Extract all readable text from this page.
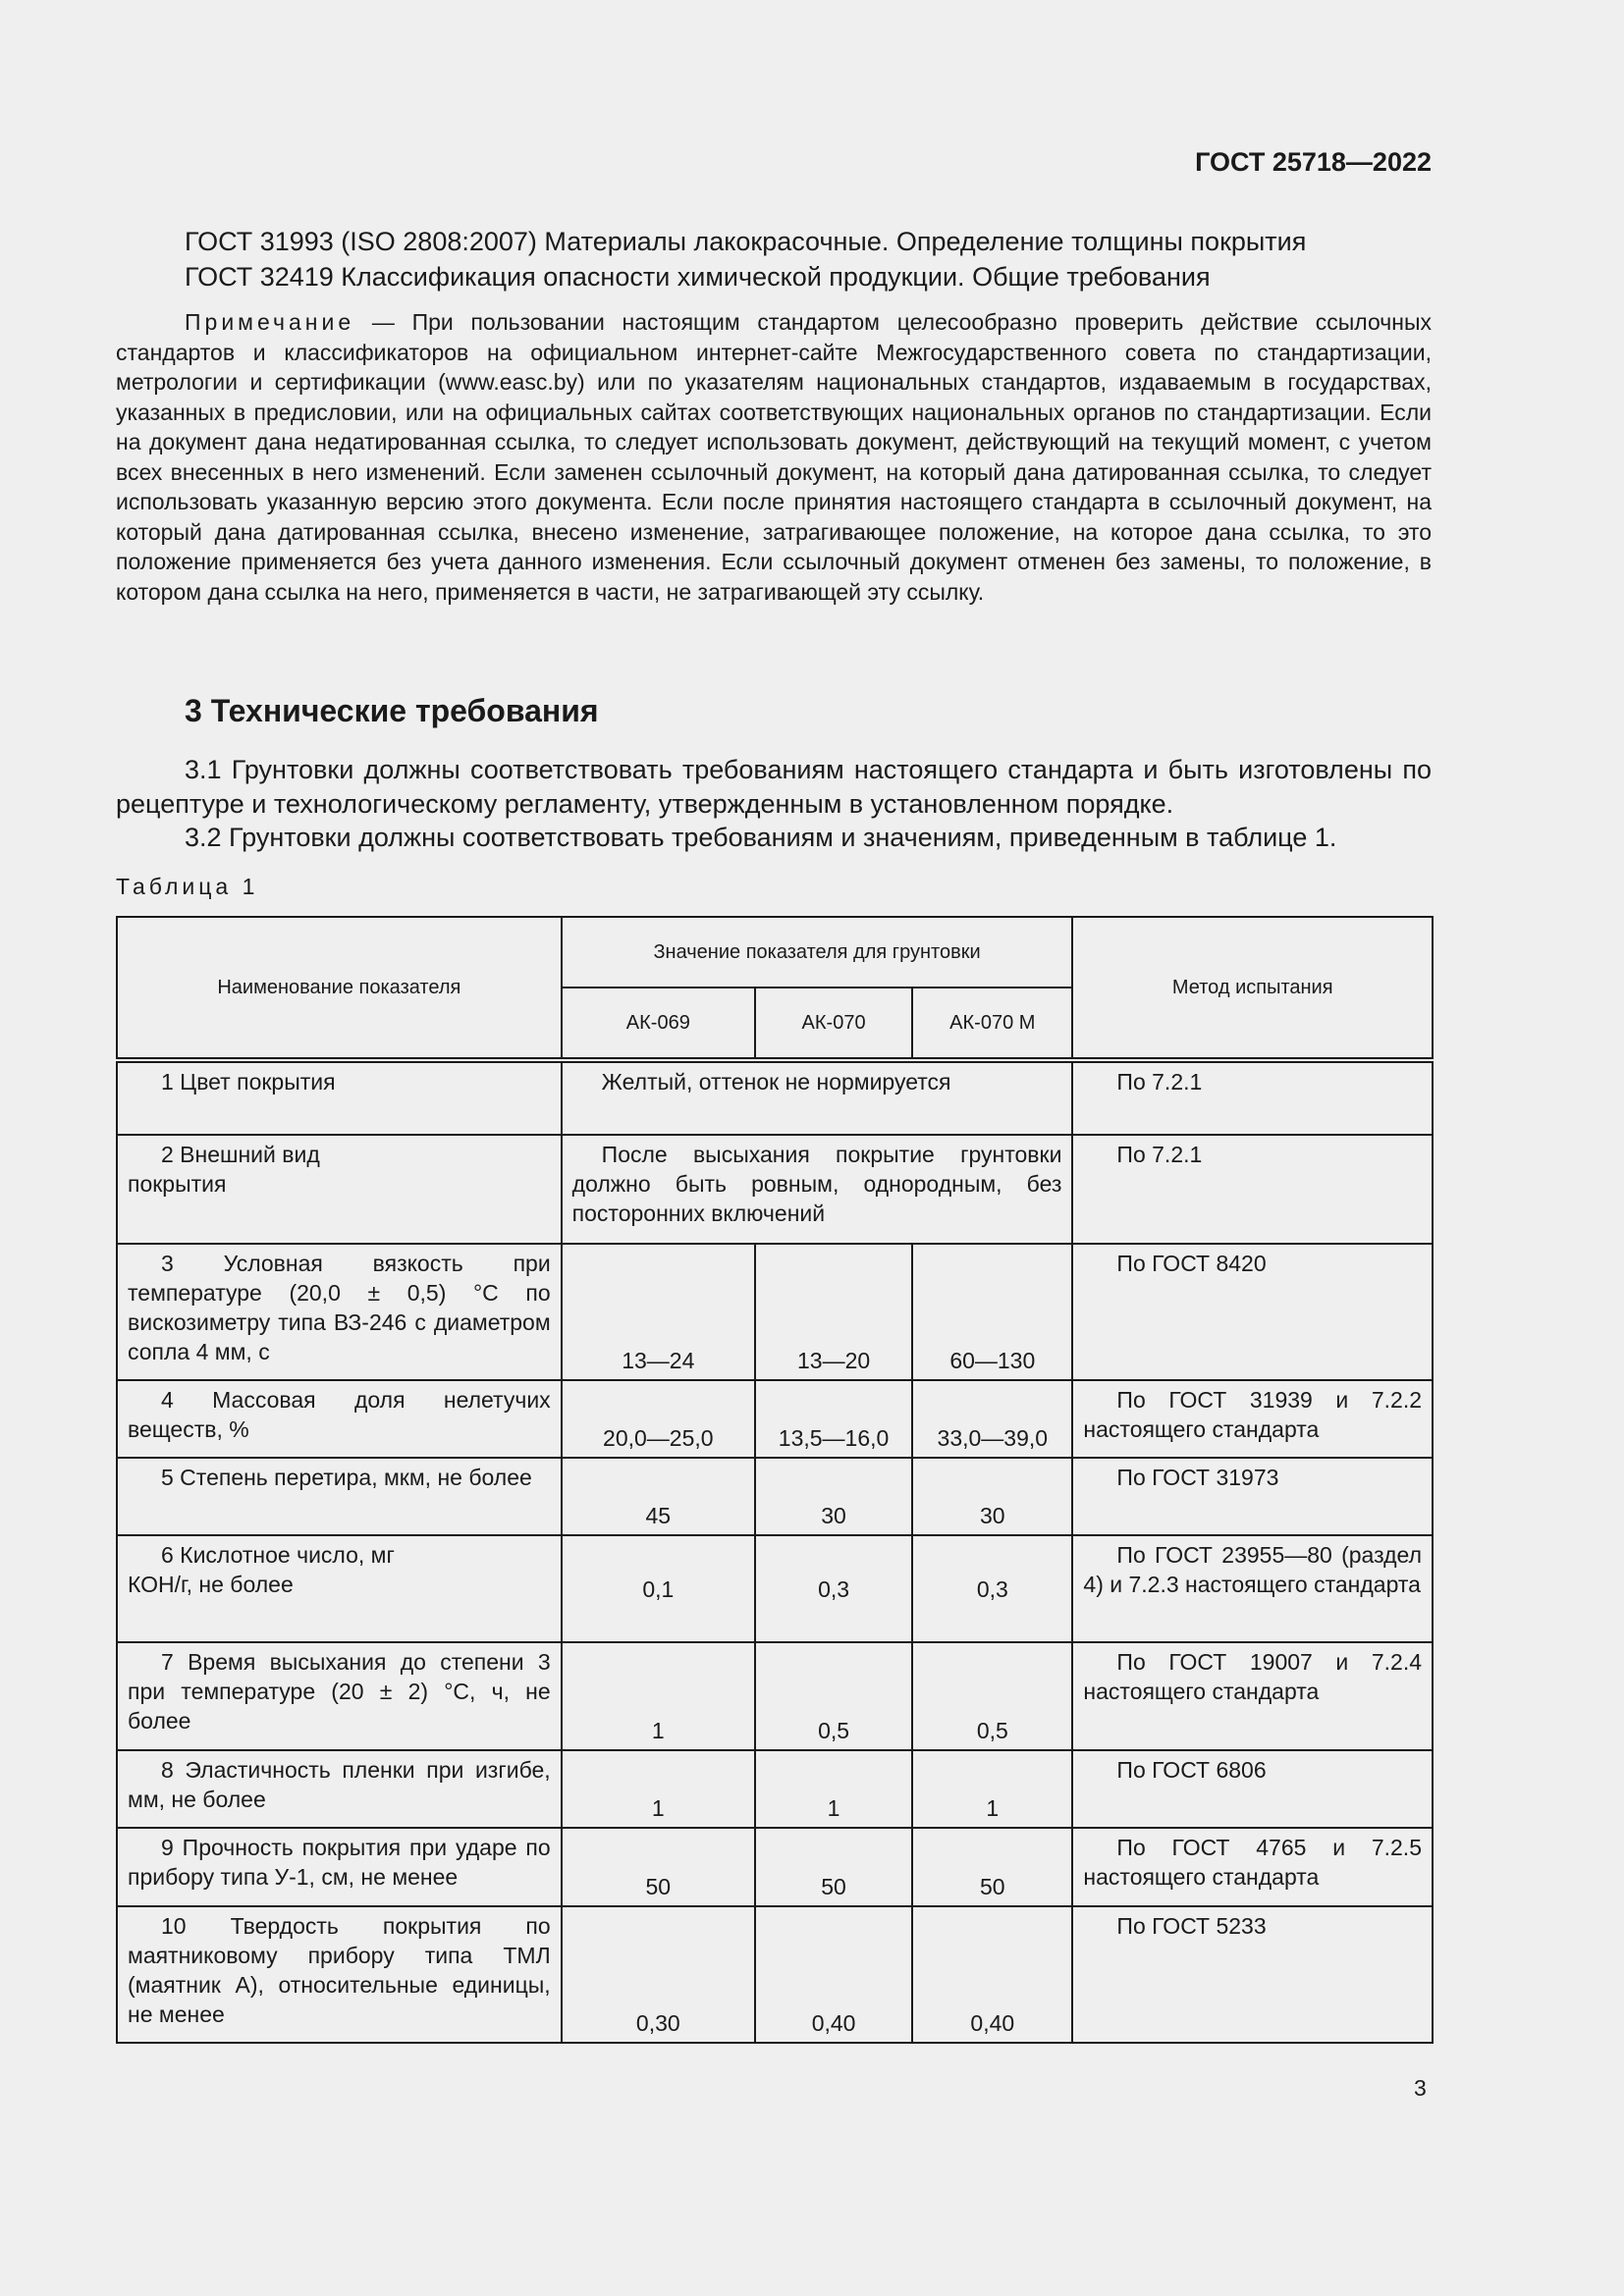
ГОСТ 25718—2022
ГОСТ 31993 (ISO 2808:2007) Материалы лакокрасочные. Определение толщины покрытия
ГОСТ 32419 Классификация опасности химической продукции. Общие требования
Примечание — При пользовании настоящим стандартом целесообразно проверить действие ссылочных стандартов и классификаторов на официальном интернет-сайте Межгосударственного совета по стандартизации, метрологии и сертификации (www.easc.by) или по указателям национальных стандартов, издаваемым в государствах, указанных в предисловии, или на официальных сайтах соответствующих национальных органов по стандартизации. Если на документ дана недатированная ссылка, то следует использовать документ, действующий на текущий момент, с учетом всех внесенных в него изменений. Если заменен ссылочный документ, на который дана датированная ссылка, то следует использовать указанную версию этого документа. Если после принятия настоящего стандарта в ссылочный документ, на который дана датированная ссылка, внесено изменение, затрагивающее положение, на которое дана ссылка, то это положение применяется без учета данного изменения. Если ссылочный документ отменен без замены, то положение, в котором дана ссылка на него, применяется в части, не затрагивающей эту ссылку.
3 Технические требования
3.1 Грунтовки должны соответствовать требованиям настоящего стандарта и быть изготовлены по рецептуре и технологическому регламенту, утвержденным в установленном порядке.
3.2 Грунтовки должны соответствовать требованиям и значениям, приведенным в таблице 1.
Таблица 1
Наименование показателя	Значение показателя для грунтовки			Метод испытания
	АК-069	АК-070	АК-070 М	
1 Цвет покрытия	Желтый, оттенок не нормируется			По 7.2.1
2 Внешний вид покрытия	После высыхания покрытие грунтовки должно быть ровным, однородным, без посторонних включений			По 7.2.1
3 Условная вязкость при температуре (20,0 ± 0,5) °С по вискозиметру типа ВЗ-246 с диаметром сопла 4 мм, с	13—24	13—20	60—130	По ГОСТ 8420
4 Массовая доля нелетучих веществ, %	20,0—25,0	13,5—16,0	33,0—39,0	По ГОСТ 31939 и 7.2.2 настоящего стандарта
5 Степень перетира, мкм, не более	45	30	30	По ГОСТ 31973
6 Кислотное число, мг КОН/г, не более	0,1	0,3	0,3	По ГОСТ 23955—80 (раздел 4) и 7.2.3 настоящего стандарта
7 Время высыхания до степени 3 при температуре (20 ± 2) °С, ч, не более	1	0,5	0,5	По ГОСТ 19007 и 7.2.4 настоящего стандарта
8 Эластичность пленки при изгибе, мм, не более	1	1	1	По ГОСТ 6806
9 Прочность покрытия при ударе по прибору типа У-1, см, не менее	50	50	50	По ГОСТ 4765 и 7.2.5 настоящего стандарта
10 Твердость покрытия по маятниковому прибору типа ТМЛ (маятник А), относительные единицы, не менее	0,30	0,40	0,40	По ГОСТ 5233
3
